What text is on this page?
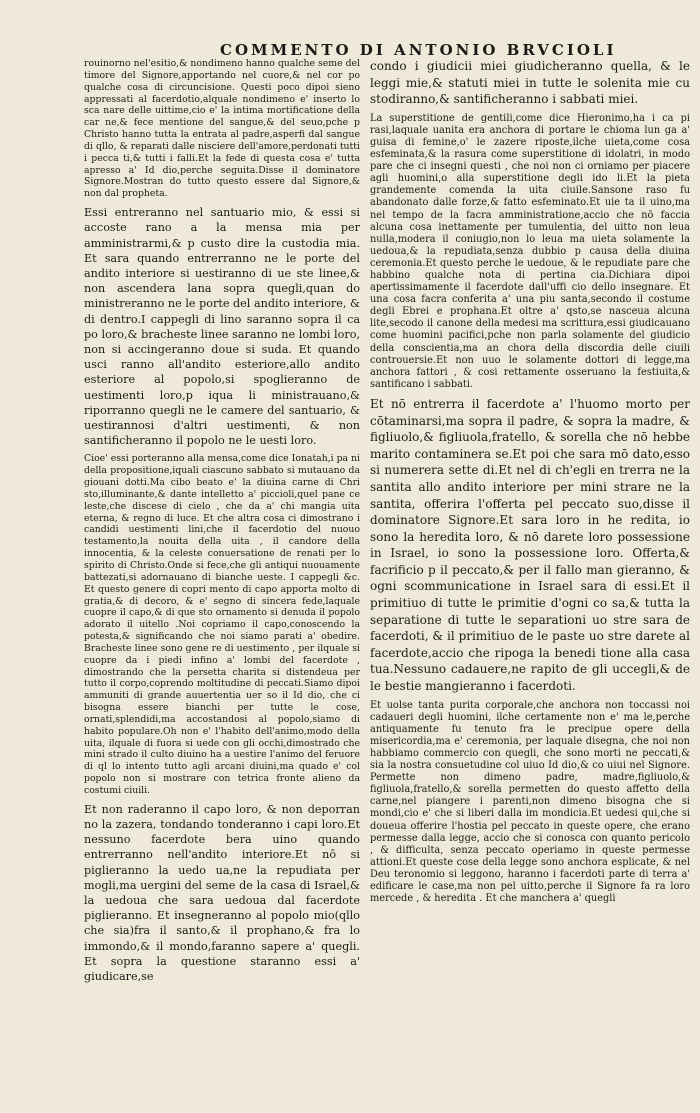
COMMENTO DI ANTONIO BRVCIOLI

rouinorno nel'esitio,& nondimeno hanno qualche seme del timore del Signore,apportando nel cuore,& nel cor po qualche cosa di circuncisione. Questi poco dipoi sieno appressati al facerdotio,alquale nondimeno e' inserto lo sca nare delle uittime,cio e' la intima mortificatione della car ne,& fece mentione del sangue,& del seuo,pche p Christo hanno tutta la entrata al padre,asperfi dal sangue di qllo, & reparati dalle nisciere dell'amore,perdonati tutti i pecca ti,& tutti i falli.Et la fede di questa cosa e' tutta apresso a' Id dio,perche seguita.Disse il dominatore Signore.Mostran do tutto questo essere dal Signore,& non dal propheta.

Essi entreranno nel santuario mio, & essi si accoste rano a la mensa mia per amministrarmi,& p custo dire la custodia mia. Et sara quando entrerranno ne le porte del andito interiore si uestiranno di ue ste linee,& non ascendera lana sopra quegli,quan do ministreranno ne le porte del andito interiore, & di dentro.I cappegli di lino saranno sopra il ca po loro,& bracheste linee saranno ne lombi loro, non si accingeranno doue si suda. Et quando usci ranno all'andito esteriore,allo andito esteriore al popolo,si spoglieranno de uestimenti loro,p iqua li ministrauano,& riporranno quegli ne le camere del santuario, & uestirannosi d'altri uestimenti, & non santificheranno il popolo ne le uesti loro.

Cioe' essi porteranno alla mensa,come dice Ionatah,i pa ni della propositione,iquali ciascuno sabbato si mutauano da giouani dotti.Ma cibo beato e' la diuina carne di Chri sto,illuminante,& dante intelletto a' piccioli,quel pane ce leste,che discese di cielo , che da a' chi mangia uita eterna, & regno di luce. Et che altra cosa ci dimostrano i candidi uestimenti lini,che il facerdotio del nuouo testamento,la nouita della uita , il candore della innocentia, & la celeste conuersatione de renati per lo spirito di Christo.Onde si fece,che gli antiqui nuouamente battezati,si adornauano di bianche ueste. I cappegli &c. Et questo genere di copri mento di capo apporta molto di gratia,& di decoro, & e' segno di sincera fede,laquale cuopre il capo,& di que sto ornamento si denuda il popolo adorato il uitello .Noi copriamo il capo,conoscendo la potesta,& significando che noi siamo parati a' obedire. Bracheste linee sono gene re di uestimento , per ilquale si cuopre da i piedi infino a' lombi del facerdote , dimostrando che la persetta charita si distendeua per tutto il corpo,coprendo moltitudine di peccati.Siamo dipoi ammuniti di grande auuertentia uer so il Id dio, che ci bisogna essere bianchi per tutte le cose, ornati,splendidi,ma accostandosi al popolo,siamo di habito populare.Oh non e' l'habito dell'animo,modo della uita, ilquale di fuora si uede con gli occhi,dimostrado che mini strado il culto diuino ha a uestire l'animo del feruore di ql lo intento tutto agli arcani diuini,ma quado e' col popolo non si mostrare con tetrica fronte alieno da costumi ciuili.

Et non raderanno il capo loro, & non deporran no la zazera, tondando tonderanno i capi loro.Et nessuno facerdote bera uino quando entrerranno nell'andito interiore.Et nō si piglieranno la uedo ua,ne la repudiata per mogli,ma uergini del seme de la casa di Israel,& la uedoua che sara uedoua dal facerdote piglieranno. Et insegneranno al popolo mio(qllo che sia)fra il santo,& il prophano,& fra lo immondo,& il mondo,faranno sapere a' quegli. Et sopra la questione staranno essi a' giudicare,se

condo i giudicii miei giudicheranno quella, & le leggi mie,& statuti miei in tutte le solenita mie cu stodiranno,& santificheranno i sabbati miei.

La superstitione de gentili,come dice Hieronimo,ha i ca pi rasi,laquale uanita era anchora di portare le chioma lun ga a' guisa di femine,o' le zazere riposte,ilche uieta,come cosa esfeminata,& la rasura come superstitione di idolatri, in modo pare che ci insegni questi , che noi non ci orniamo per piacere agli huomini,o alla superstitione degli ido li.Et la pieta grandemente comenda la uita ciuile.Sansone raso fu abandonato dalle forze,& fatto esfeminato.Et uie ta il uino,ma nel tempo de la facra amministratione,accio che nō faccia alcuna cosa inettamente per tumulentia, del uitto non leua nulla,modera il coniugio,non lo leua ma uieta solamente la uedoua,& la repudiata,senza dubbio p causa della diuina ceremonia.Et questo perche le uedoue, & le repudiate pare che habbino qualche nota di pertina cia.Dichiara dipoi apertissimamente il facerdote dall'uffi cio dello insegnare. Et una cosa facra conferita a' una piu santa,secondo il costume degli Ebrei e prophana.Et oltre a' qsto,se nasceua alcuna lite,secodo il canone della medesi ma scrittura,essi giudicauano come huomini pacifici,pche non parla solamente del giudicio della conscientia,ma an chora della discordia delle ciuili controuersie.Et non uuo le solamente dottori di legge,ma anchora fattori , & cosi rettamente osseruano la festiuita,& santificano i sabbati.

Et nō entrerra il facerdote a' l'huomo morto per cōtaminarsi,ma sopra il padre, & sopra la madre, & figliuolo,& figliuola,fratello, & sorella che nō hebbe marito contaminera se.Et poi che sara mō dato,esso si numerera sette di.Et nel di ch'egli en trerra ne la santita allo andito interiore per mini strare ne la santita, offerira l'offerta pel peccato suo,disse il dominatore Signore.Et sara loro in he redita, io sono la heredita loro, & nō darete loro possessione in Israel, io sono la possessione loro. Offerta,& facrificio p il peccato,& per il fallo man gieranno, & ogni scommunicatione in Israel sara di essi.Et il primitiuo di tutte le primitie d'ogni co sa,& tutta la separatione di tutte le separationi uo stre sara de facerdoti, & il primitiuo de le paste uo stre darete al facerdote,accio che ripoga la benedi tione alla casa tua.Nessuno cadauere,ne rapito de gli uccegli,& de le bestie mangieranno i facerdoti.

Et uolse tanta purita corporale,che anchora non toccassi noi cadaueri degli huomini, ilche certamente non e' ma le,perche antiquamente fu tenuto fra le precipue opere della misericordia,ma e' ceremonia, per laquale disegna, che noi non habbiamo commercio con quegli, che sono morti ne peccati,& sia la nostra consuetudine col uiuo Id dio,& co uiui nel Signore. Permette non dimeno padre, madre,figliuolo,& figliuola,fratello,& sorella permetten do questo affetto della carne,nel piangere i parenti,non dimeno bisogna che si mondi,cio e' che si liberi dalla im mondicia.Et uedesi qui,che si doueua offerire l'hostia pel peccato in queste opere, che erano permesse dalla legge, accio che si conosca con quanto pericolo , & difficulta, senza peccato operiamo in queste permesse attioni.Et queste cose della legge sono anchora esplicate, & nel Deu teronomio si leggono, haranno i facerdoti parte di terra a' edificare le case,ma non pel uitto,perche il Signore fa ra loro mercede , & heredita . Et che manchera a' quegli
